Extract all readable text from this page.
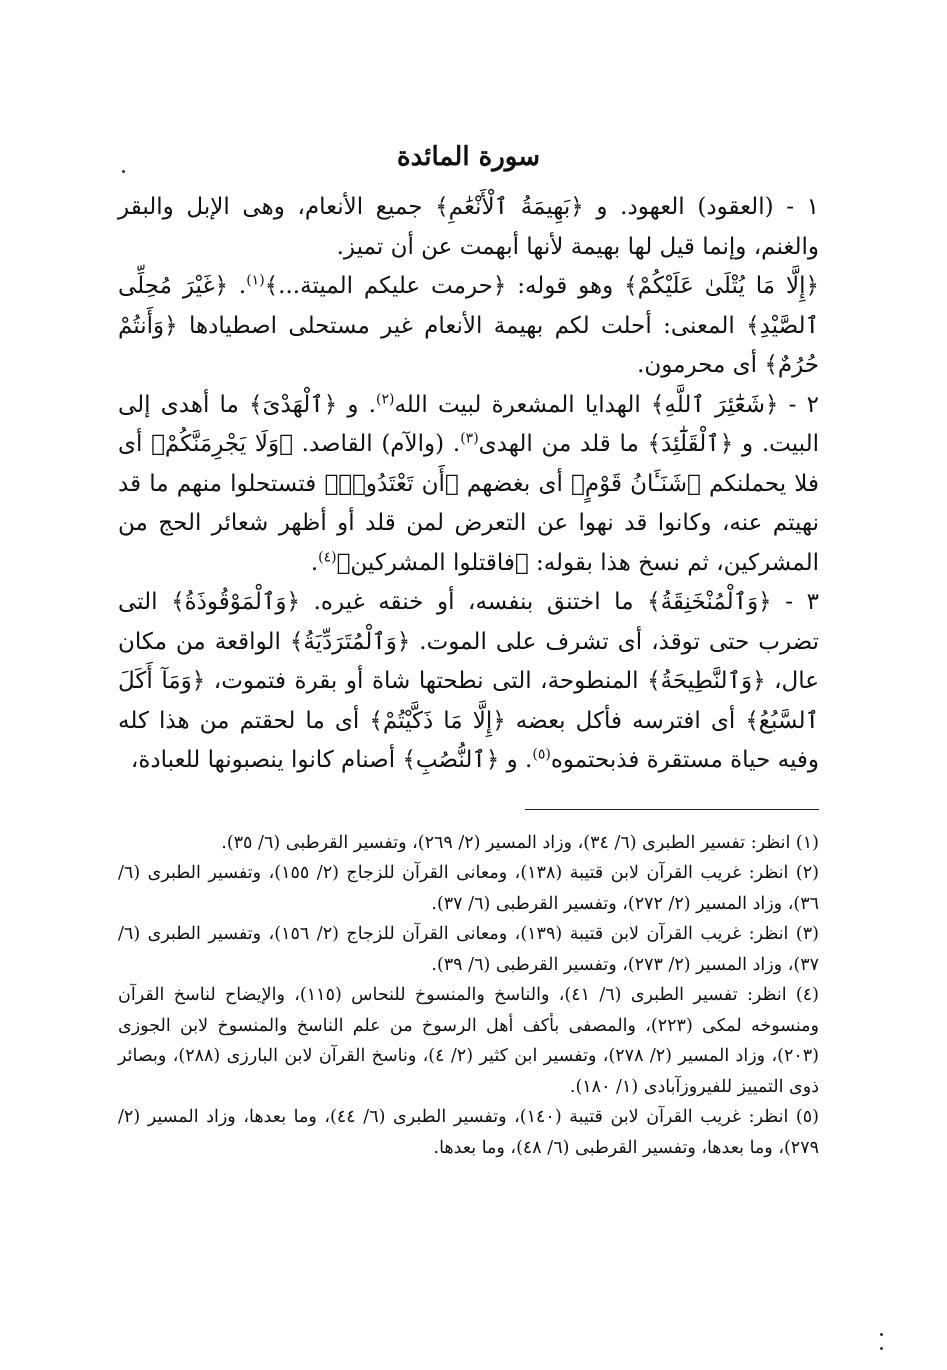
سورة المائدة

١ - (العقود) العهود. و ﴿بَهِيمَةُ ٱلْأَنْعَٰمِ﴾ جميع الأنعام، وهى الإبل والبقر والغنم، وإنما قيل لها بهيمة لأنها أبهمت عن أن تميز.

﴿إِلَّا مَا يُتْلَىٰ عَلَيْكُمْ﴾ وهو قوله: ﴿حرمت عليكم الميتة...﴾$^{(١)}$. ﴿غَيْرَ مُحِلِّى ٱلصَّيْدِ﴾ المعنى: أحلت لكم بهيمة الأنعام غير مستحلى اصطيادها ﴿وَأَنتُمْ حُرُمٌ﴾ أى محرمون.

٢ - ﴿شَعَٰٓئِرَ ٱللَّهِ﴾ الهدايا المشعرة لبيت الله$^{(٢)}$. و ﴿ٱلْهَدْىَ﴾ ما أهدى إلى البيت. و ﴿ٱلْقَلَٰٓئِدَ﴾ ما قلد من الهدى$^{(٣)}$. (والآم) القاصد. ﴿وَلَا يَجْرِمَنَّكُمْ﴾ أى فلا يحملنكم ﴿شَنَـَٔانُ قَوْمٍ﴾ أى بغضهم ﴿أَن تَعْتَدُوا۟﴾ فتستحلوا منهم ما قد نهيتم عنه، وكانوا قد نهوا عن التعرض لمن قلد أو أظهر شعائر الحج من المشركين، ثم نسخ هذا بقوله: ﴿فاقتلوا المشركين﴾$^{(٤)}$.

٣ - ﴿وَٱلْمُنْخَنِقَةُ﴾ ما اختنق بنفسه، أو خنقه غيره. ﴿وَٱلْمَوْقُوذَةُ﴾ التى تضرب حتى توقذ، أى تشرف على الموت. ﴿وَٱلْمُتَرَدِّيَةُ﴾ الواقعة من مكان عال، ﴿وَٱلنَّطِيحَةُ﴾ المنطوحة، التى نطحتها شاة أو بقرة فتموت، ﴿وَمَآ أَكَلَ ٱلسَّبُعُ﴾ أى افترسه فأكل بعضه ﴿إِلَّا مَا ذَكَّيْتُمْ﴾ أى ما لحقتم من هذا كله وفيه حياة مستقرة فذبحتموه$^{(٥)}$. و ﴿ٱلنُّصُبِ﴾ أصنام كانوا ينصبونها للعبادة،

(١) انظر: تفسير الطبرى (٦/ ٣٤)، وزاد المسير (٢/ ٢٦٩)، وتفسير القرطبى (٦/ ٣٥).

(٢) انظر: غريب القرآن لابن قتيبة (١٣٨)، ومعانى القرآن للزجاج (٢/ ١٥٥)، وتفسير الطبرى (٦/ ٣٦)، وزاد المسير (٢/ ٢٧٢)، وتفسير القرطبى (٦/ ٣٧).

(٣) انظر: غريب القرآن لابن قتيبة (١٣٩)، ومعانى القرآن للزجاج (٢/ ١٥٦)، وتفسير الطبرى (٦/ ٣٧)، وزاد المسير (٢/ ٢٧٣)، وتفسير القرطبى (٦/ ٣٩).

(٤) انظر: تفسير الطبرى (٦/ ٤١)، والناسخ والمنسوخ للنحاس (١١٥)، والإيضاح لناسخ القرآن ومنسوخه لمكى (٢٢٣)، والمصفى بأكف أهل الرسوخ من علم الناسخ والمنسوخ لابن الجوزى (٢٠٣)، وزاد المسير (٢/ ٢٧٨)، وتفسير ابن كثير (٢/ ٤)، وناسخ القرآن لابن البارزى (٢٨٨)، وبصائر ذوى التمييز للفيروزآبادى (١/ ١٨٠).

(٥) انظر: غريب القرآن لابن قتيبة (١٤٠)، وتفسير الطبرى (٦/ ٤٤)، وما بعدها، وزاد المسير (٢/ ٢٧٩)، وما بعدها، وتفسير القرطبى (٦/ ٤٨)، وما بعدها.
